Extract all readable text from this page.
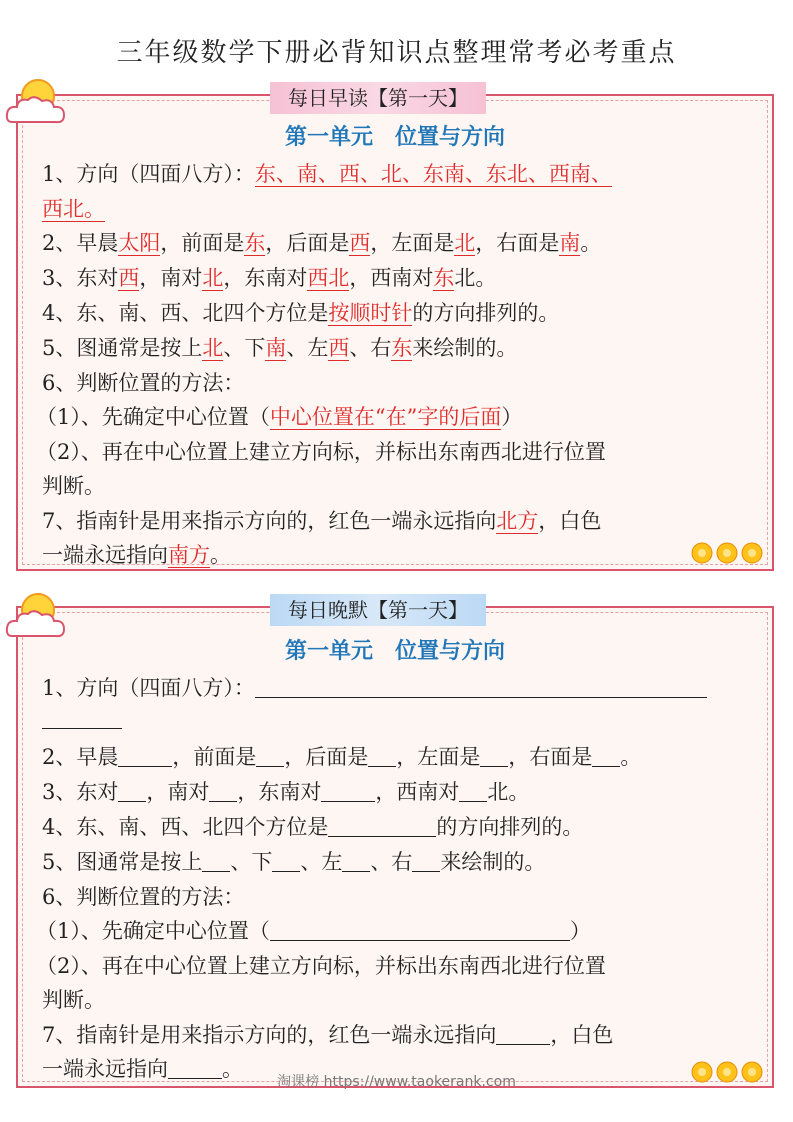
三年级数学下册必背知识点整理常考必考重点
每日早读【第一天】
第一单元　位置与方向
1、方向（四面八方）：东、南、西、北、东南、东北、西南、
西北。
2、早晨太阳，前面是东，后面是西，左面是北，右面是南。
3、东对西，南对北，东南对西北，西南对东北。
4、东、南、西、北四个方位是按顺时针的方向排列的。
5、图通常是按上北、下南、左西、右东来绘制的。
6、判断位置的方法：
（1）、先确定中心位置（中心位置在“在”字的后面）
（2）、再在中心位置上建立方向标，并标出东南西北进行位置
判断。
7、指南针是用来指示方向的，红色一端永远指向北方，白色
一端永远指向南方。
每日晚默【第一天】
第一单元　位置与方向
1、方向（四面八方）：
2、早晨	，前面是 ，后面是 ，左面是 ，右面是 。
3、东对 ，南对 ，东南对	，西南对 北。
4、东、南、西、北四个方位是	的方向排列的。
5、图通常是按上 、下 、左 、右 来绘制的。
6、判断位置的方法：
（1）、先确定中心位置（	）
（2）、再在中心位置上建立方向标，并标出东南西北进行位置
判断。
7、指南针是用来指示方向的，红色一端永远指向	，白色
一端永远指向	。
淘课榜 https://www.taokerank.com
